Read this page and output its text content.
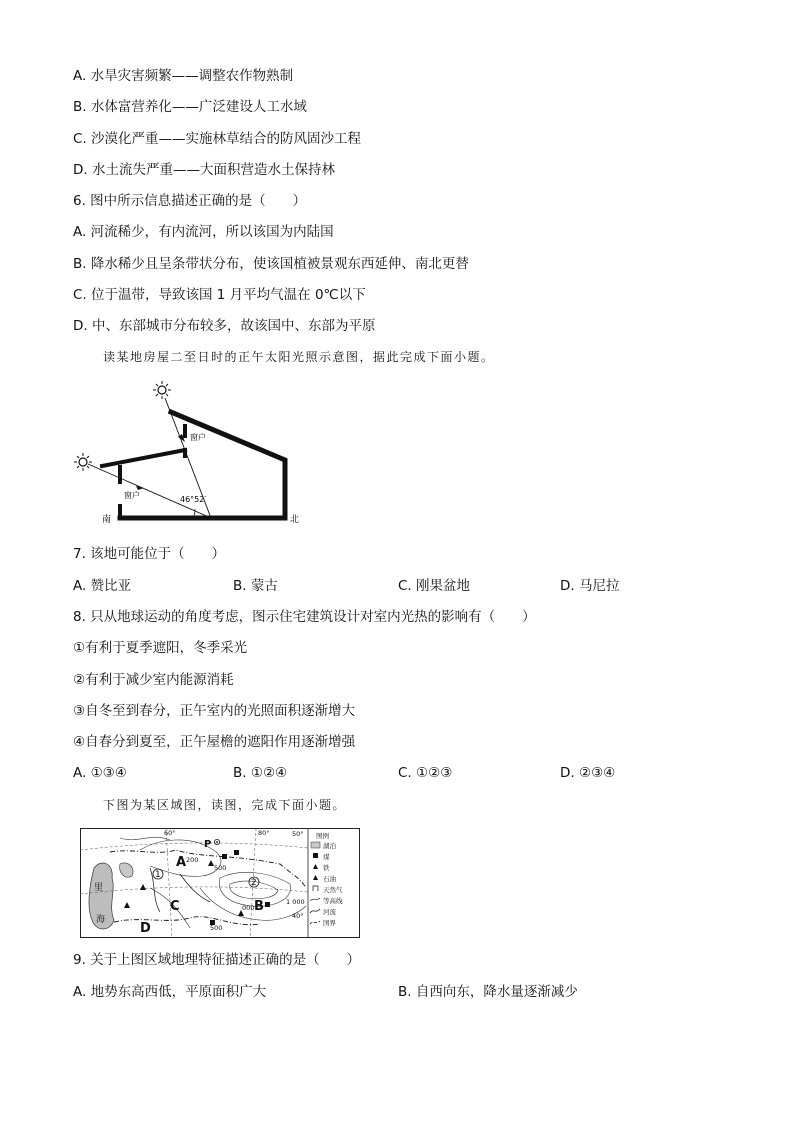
A. 水旱灾害频繁——调整农作物熟制
B. 水体富营养化——广泛建设人工水域
C. 沙漠化严重——实施林草结合的防风固沙工程
D. 水土流失严重——大面积营造水土保持林
6. 图中所示信息描述正确的是（　　）
A. 河流稀少，有内流河，所以该国为内陆国
B. 降水稀少且呈条带状分布，使该国植被景观东西延伸、南北更替
C. 位于温带，导致该国 1 月平均气温在 0℃以下
D. 中、东部城市分布较多，故该国中、东部为平原
读某地房屋二至日时的正午太阳光照示意图，据此完成下面小题。
窗户
窗户	46°52′
南	北
7. 该地可能位于（　　）
A. 赞比亚	B. 蒙古	C. 刚果盆地	D. 马尼拉
8. 只从地球运动的角度考虑，图示住宅建筑设计对室内光热的影响有（　　）
①有利于夏季遮阳，冬季采光
②有利于减少室内能源消耗
③自冬至到春分，正午室内的光照面积逐渐增大
④自春分到夏至，正午屋檐的遮阳作用逐渐增强
A. ①③④	B. ①②④	C. ①②③	D. ②③④
下图为某区域图，读图，完成下面小题。
A
B
C
D
P
1
2
里
海
200
500
500
1 000
000
60°	80°	50°
40°
图例
湖泊
煤
铁
石油
天然气
等高线
河流
国界
9. 关于上图区域地理特征描述正确的是（　　）
A. 地势东高西低，平原面积广大	B. 自西向东，降水量逐渐减少
